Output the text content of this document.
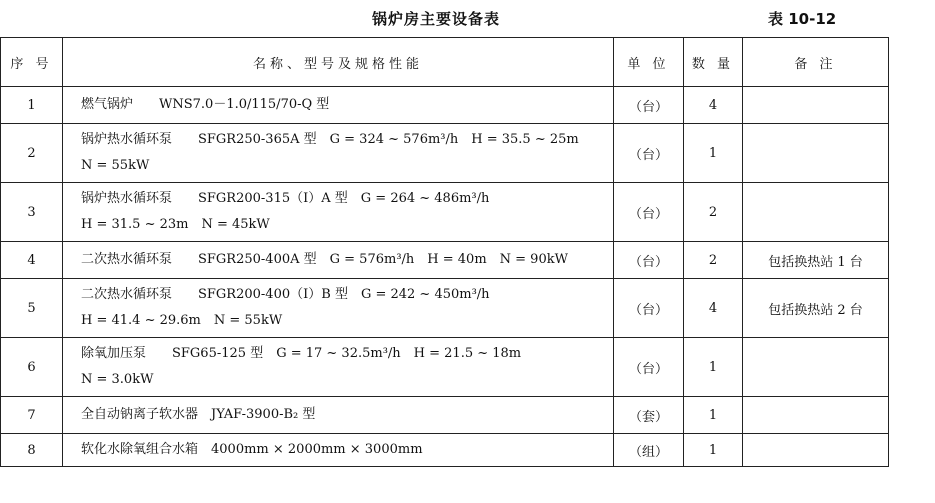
锅炉房主要设备表	表 10-12
序 号	名称、型号及规格性能	单 位	数 量	备 注
1	燃气锅炉　　WNS7.0－1.0/115/70-Q 型	（台）	4	
2	锅炉热水循环泵　　SFGR250-365A 型　G = 324 ~ 576m³/h　H = 35.5 ~ 25m
N = 55kW	（台）	1	
3	锅炉热水循环泵　　SFGR200-315（I）A 型　G = 264 ~ 486m³/h
H = 31.5 ~ 23m　N = 45kW	（台）	2	
4	二次热水循环泵　　SFGR250-400A 型　G = 576m³/h　H = 40m　N = 90kW	（台）	2	包括换热站 1 台
5	二次热水循环泵　　SFGR200-400（I）B 型　G = 242 ~ 450m³/h
H = 41.4 ~ 29.6m　N = 55kW	（台）	4	包括换热站 2 台
6	除氧加压泵　　SFG65-125 型　G = 17 ~ 32.5m³/h　H = 21.5 ~ 18m
N = 3.0kW	（台）	1	
7	全自动钠离子软水器　JYAF-3900-B₂ 型	（套）	1	
8	软化水除氧组合水箱　4000mm × 2000mm × 3000mm	（组）	1	
